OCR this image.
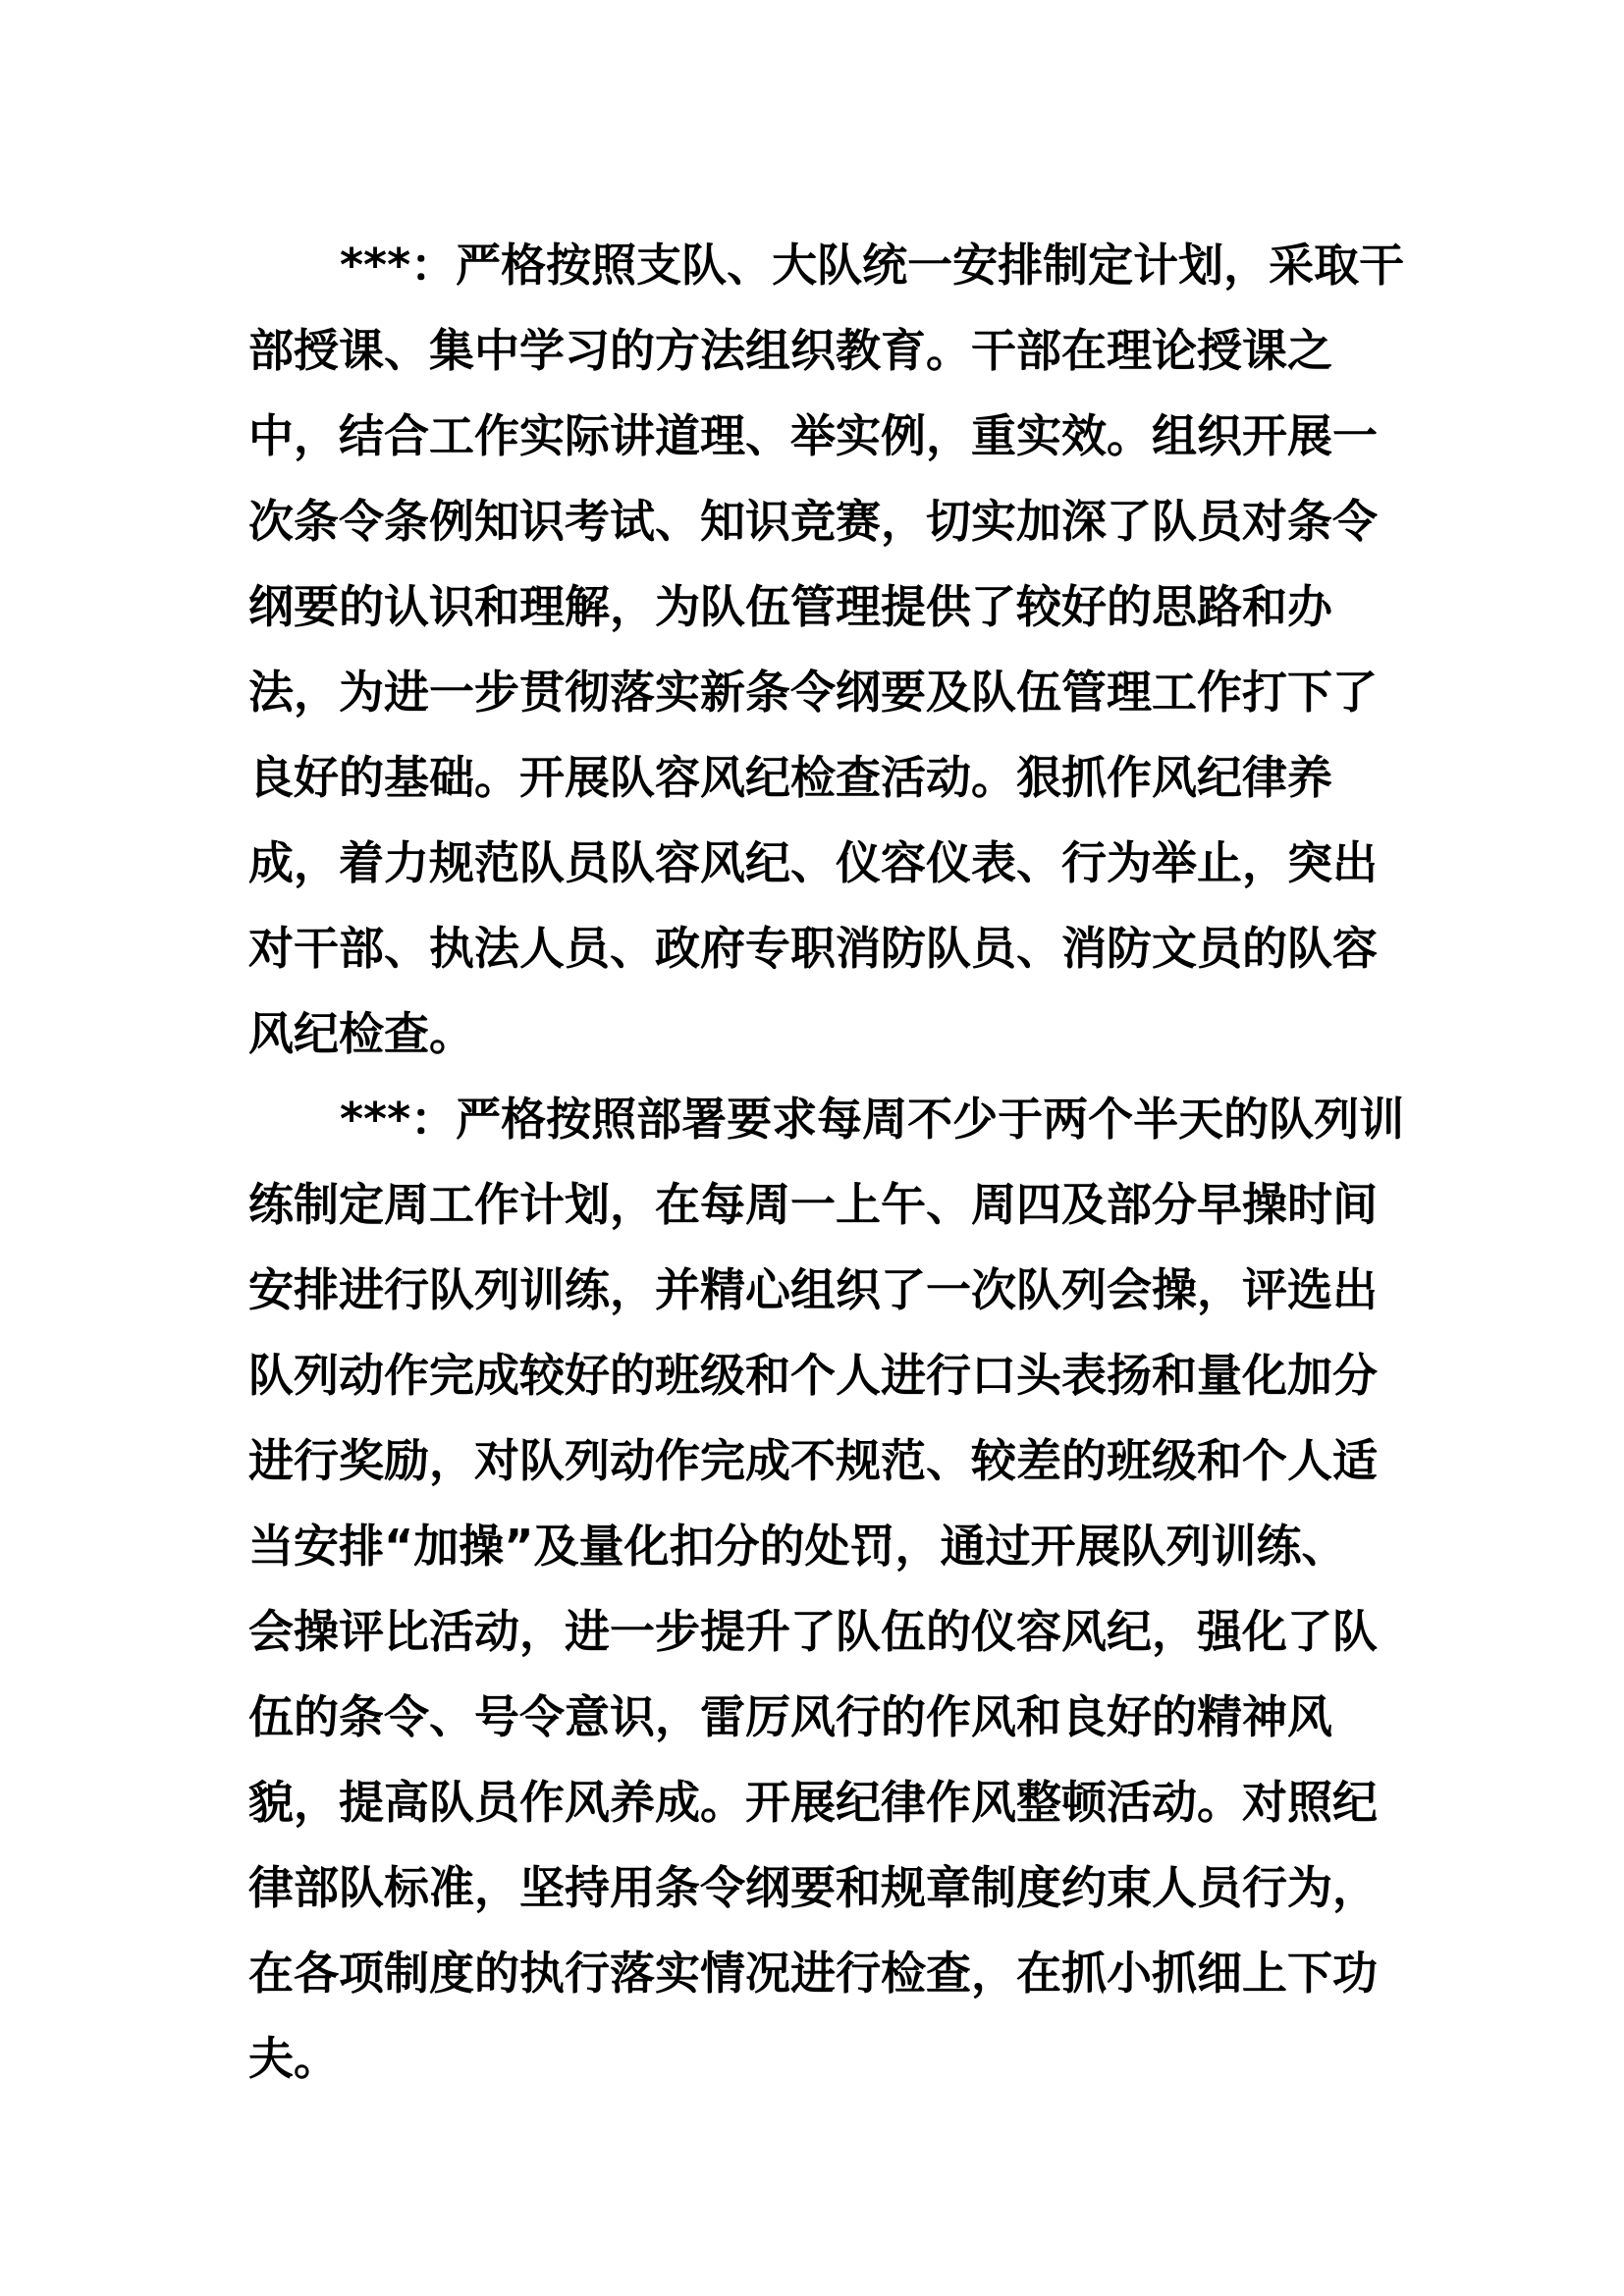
***：严格按照支队、大队统一安排制定计划，采取干
部授课、集中学习的方法组织教育。干部在理论授课之
中，结合工作实际讲道理、举实例，重实效。组织开展一
次条令条例知识考试、知识竞赛，切实加深了队员对条令
纲要的认识和理解，为队伍管理提供了较好的思路和办
法，为进一步贯彻落实新条令纲要及队伍管理工作打下了
良好的基础。开展队容风纪检查活动。狠抓作风纪律养
成，着力规范队员队容风纪、仪容仪表、行为举止，突出
对干部、执法人员、政府专职消防队员、消防文员的队容
风纪检查。
***：严格按照部署要求每周不少于两个半天的队列训
练制定周工作计划，在每周一上午、周四及部分早操时间
安排进行队列训练，并精心组织了一次队列会操，评选出
队列动作完成较好的班级和个人进行口头表扬和量化加分
进行奖励，对队列动作完成不规范、较差的班级和个人适
当安排“加操”及量化扣分的处罚，通过开展队列训练、
会操评比活动，进一步提升了队伍的仪容风纪，强化了队
伍的条令、号令意识，雷厉风行的作风和良好的精神风
貌，提高队员作风养成。开展纪律作风整顿活动。对照纪
律部队标准，坚持用条令纲要和规章制度约束人员行为，
在各项制度的执行落实情况进行检查，在抓小抓细上下功
夫。
